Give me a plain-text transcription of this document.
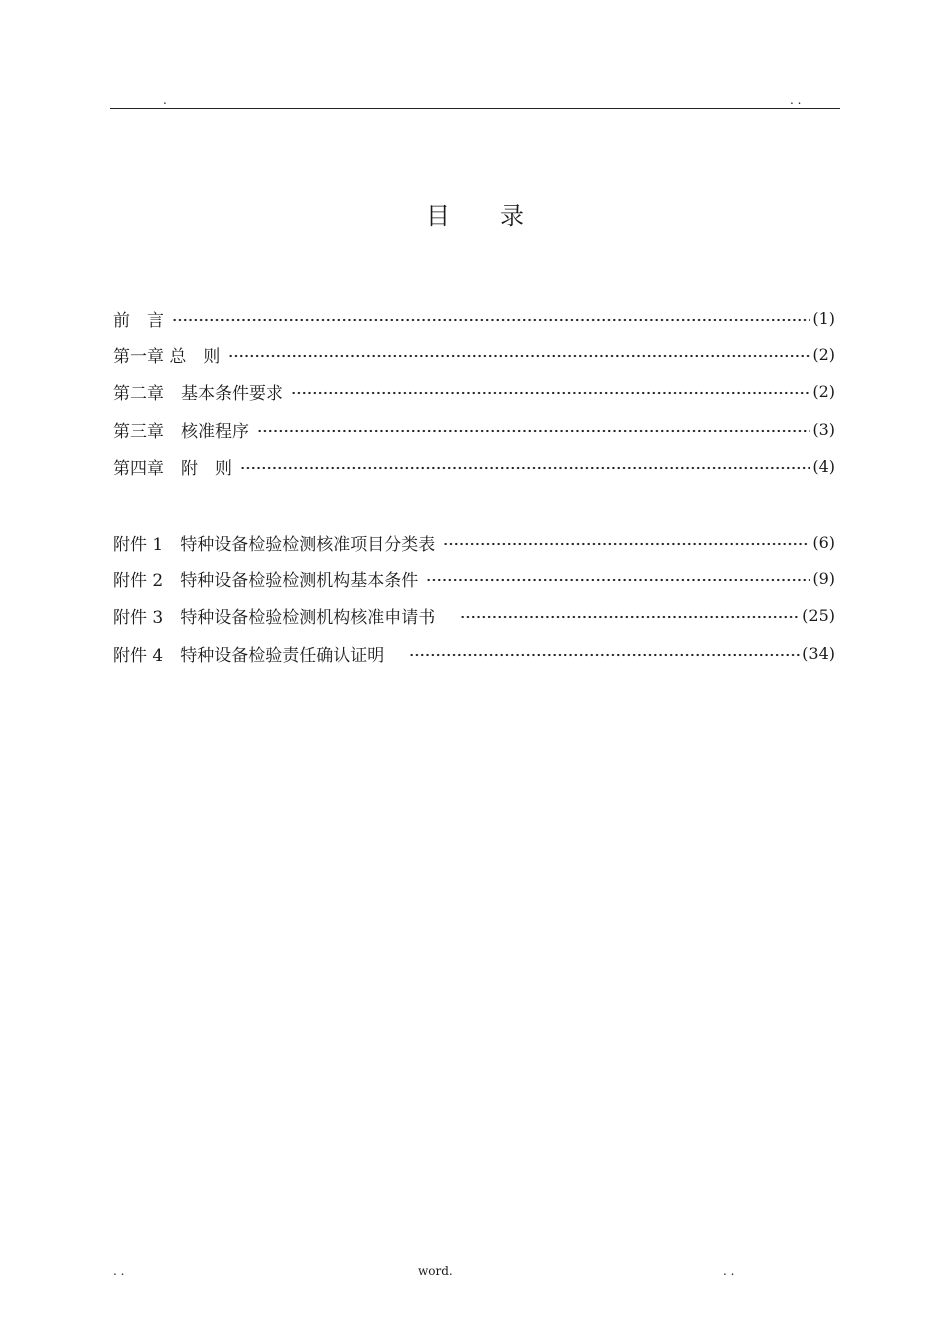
.	. .
目 录
前　言	(1)
第一章 总　则	(2)
第二章　基本条件要求	(2)
第三章　核准程序	(3)
第四章　附　则	(4)
附件 1　特种设备检验检测核准项目分类表	(6)
附件 2　特种设备检验检测机构基本条件	(9)
附件 3　特种设备检验检测机构核准申请书　	(25)
附件 4　特种设备检验责任确认证明　	(34)
. .	word.	. .
